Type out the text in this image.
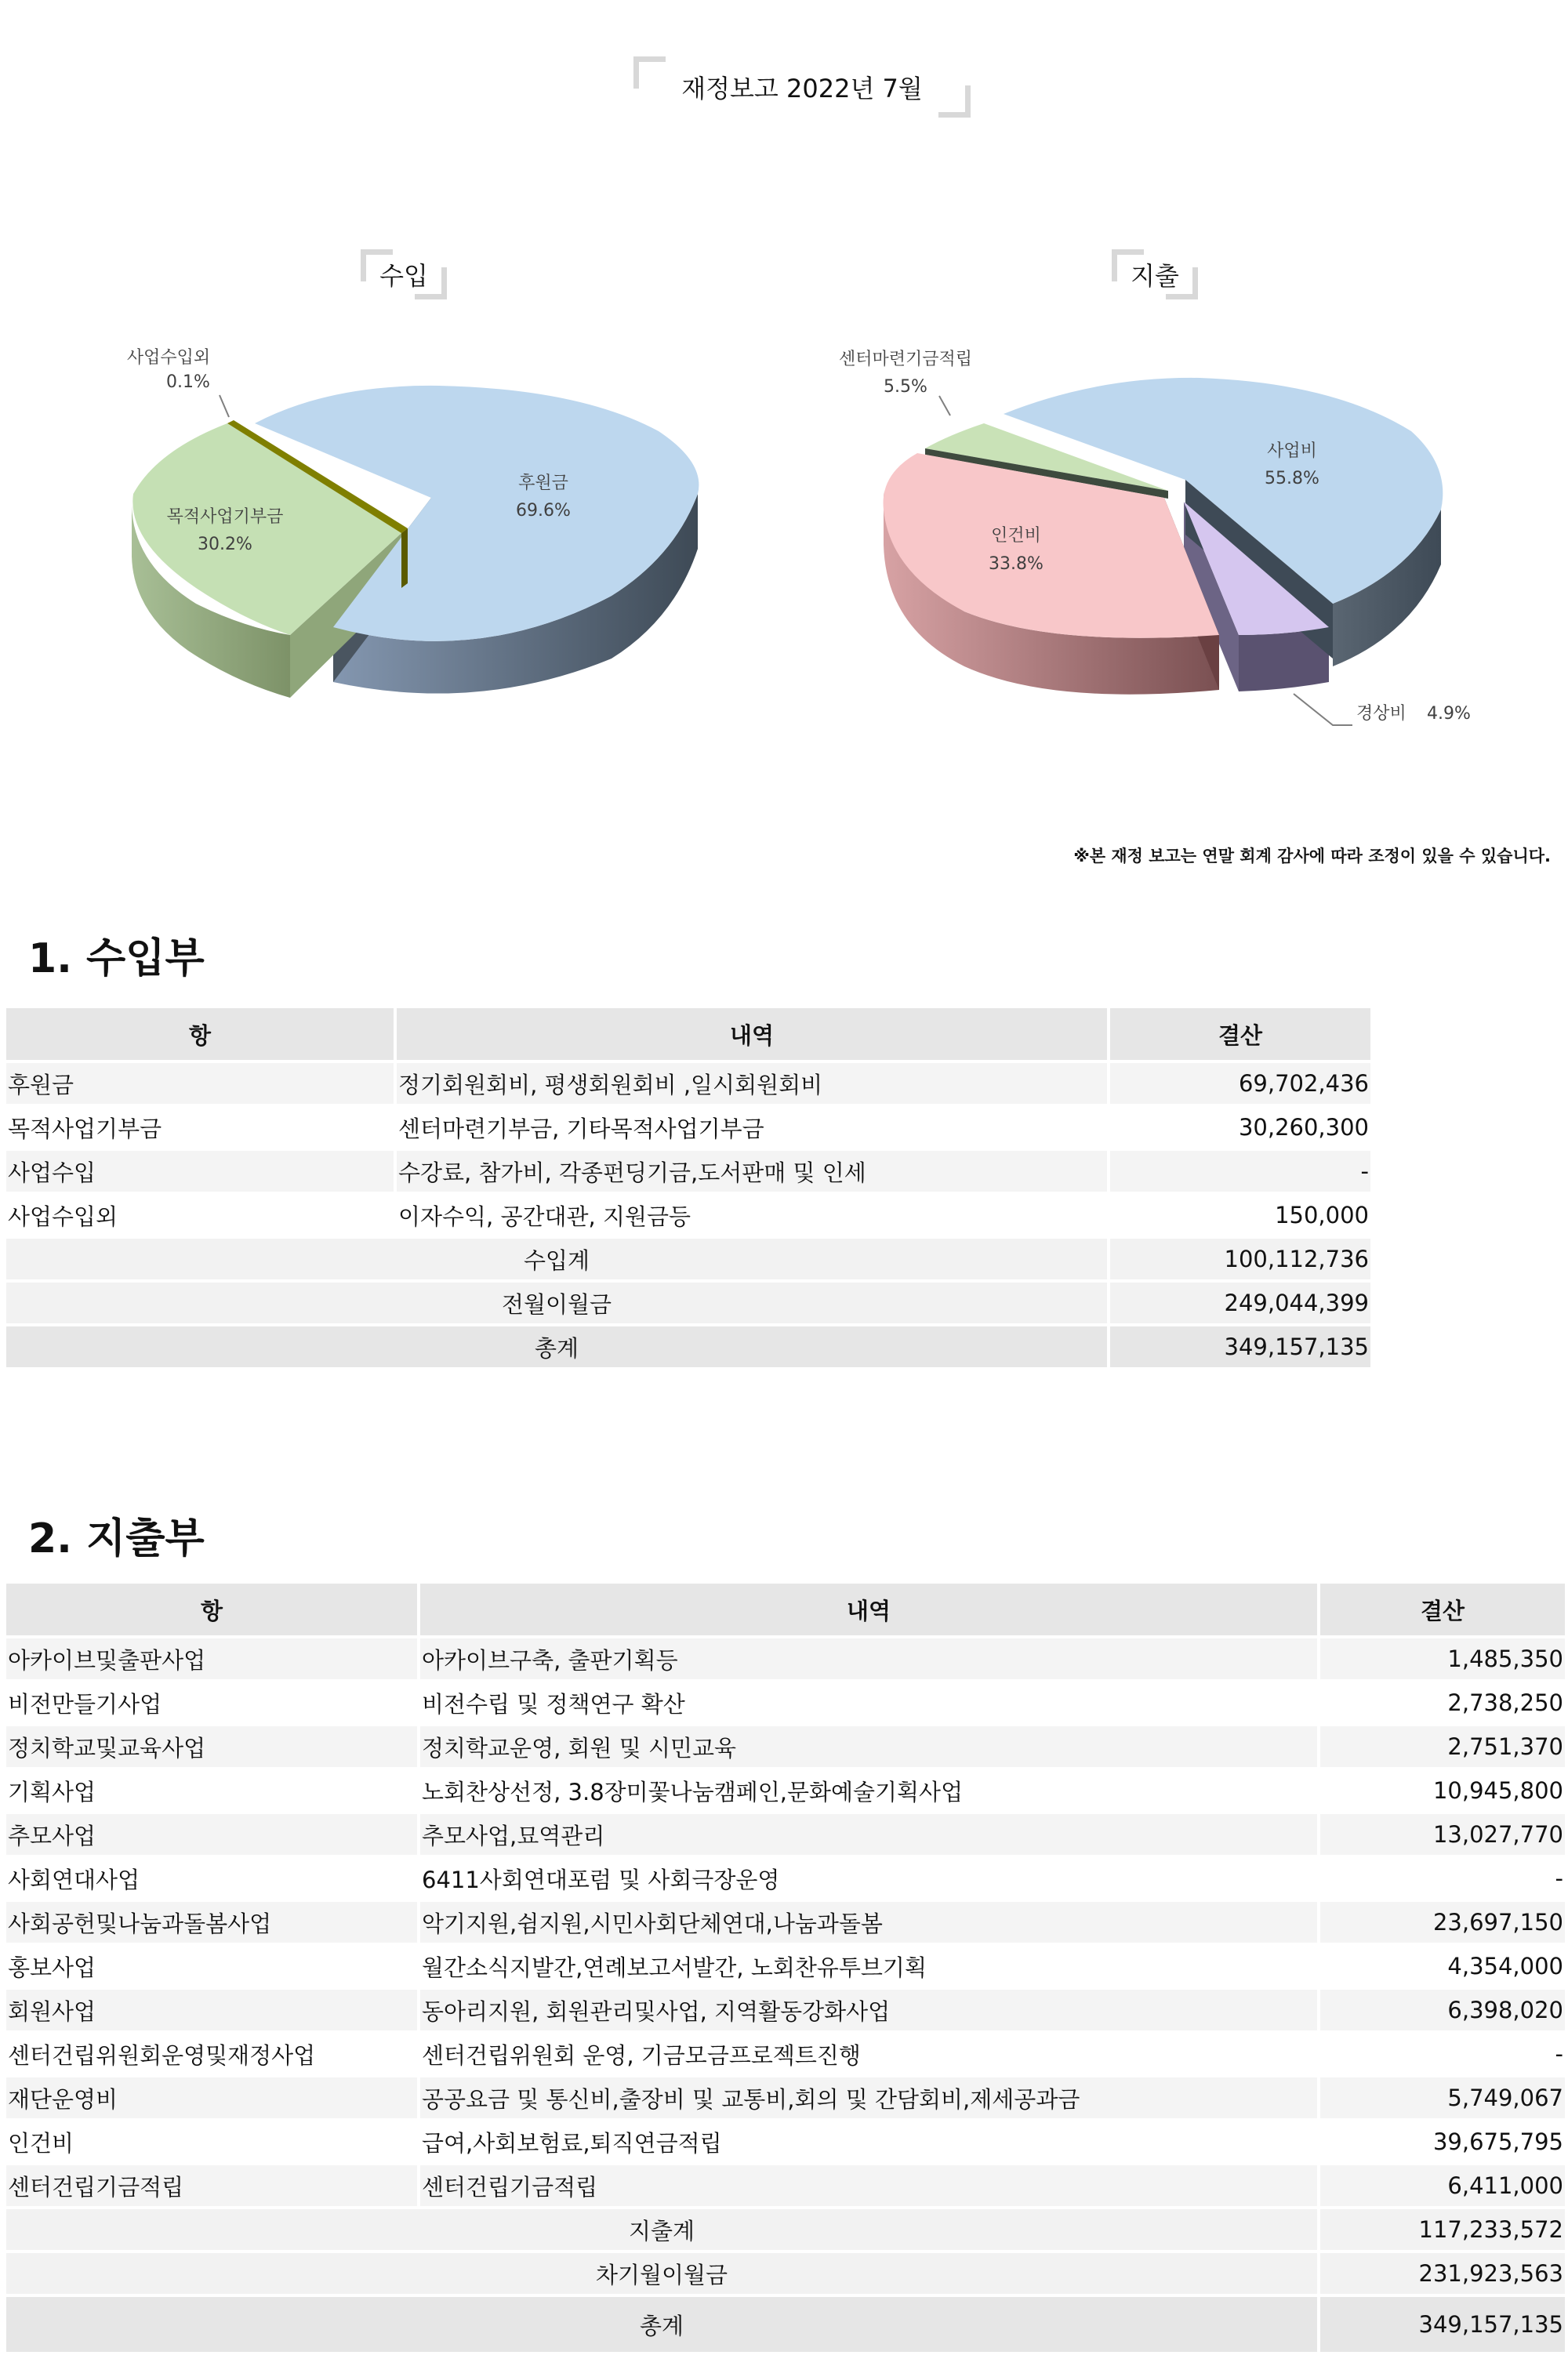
재정보고 2022년 7월
수입
사업수입외
0.1%
후원금
69.6%
목적사업기부금
30.2%
지출
센터마련기금적립
5.5%
사업비
55.8%
인건비
33.8%
경상비 4.9%
※본 재정 보고는 연말 회계 감사에 따라 조정이 있을 수 있습니다.
1. 수입부
항	내역	결산
후원금	정기회원회비, 평생회원회비 ,일시회원회비	69,702,436
목적사업기부금	센터마련기부금, 기타목적사업기부금	30,260,300
사업수입	수강료, 참가비, 각종펀딩기금,도서판매 및 인세	-
사업수입외	이자수익, 공간대관, 지원금등	150,000
수입계		100,112,736
전월이월금		249,044,399
총계		349,157,135
2. 지출부
항	내역	결산
아카이브및출판사업	아카이브구축, 출판기획등	1,485,350
비전만들기사업	비전수립 및 정책연구 확산	2,738,250
정치학교및교육사업	정치학교운영, 회원 및 시민교육	2,751,370
기획사업	노회찬상선정, 3.8장미꽃나눔캠페인,문화예술기획사업	10,945,800
추모사업	추모사업,묘역관리	13,027,770
사회연대사업	6411사회연대포럼 및 사회극장운영	-
사회공헌및나눔과돌봄사업	악기지원,쉼지원,시민사회단체연대,나눔과돌봄	23,697,150
홍보사업	월간소식지발간,연례보고서발간, 노회찬유투브기획	4,354,000
회원사업	동아리지원, 회원관리및사업, 지역활동강화사업	6,398,020
센터건립위원회운영및재정사업	센터건립위원회 운영, 기금모금프로젝트진행	-
재단운영비	공공요금 및 통신비,출장비 및 교통비,회의 및 간담회비,제세공과금	5,749,067
인건비	급여,사회보험료,퇴직연금적립	39,675,795
센터건립기금적립	센터건립기금적립	6,411,000
지출계		117,233,572
차기월이월금		231,923,563
총계		349,157,135
